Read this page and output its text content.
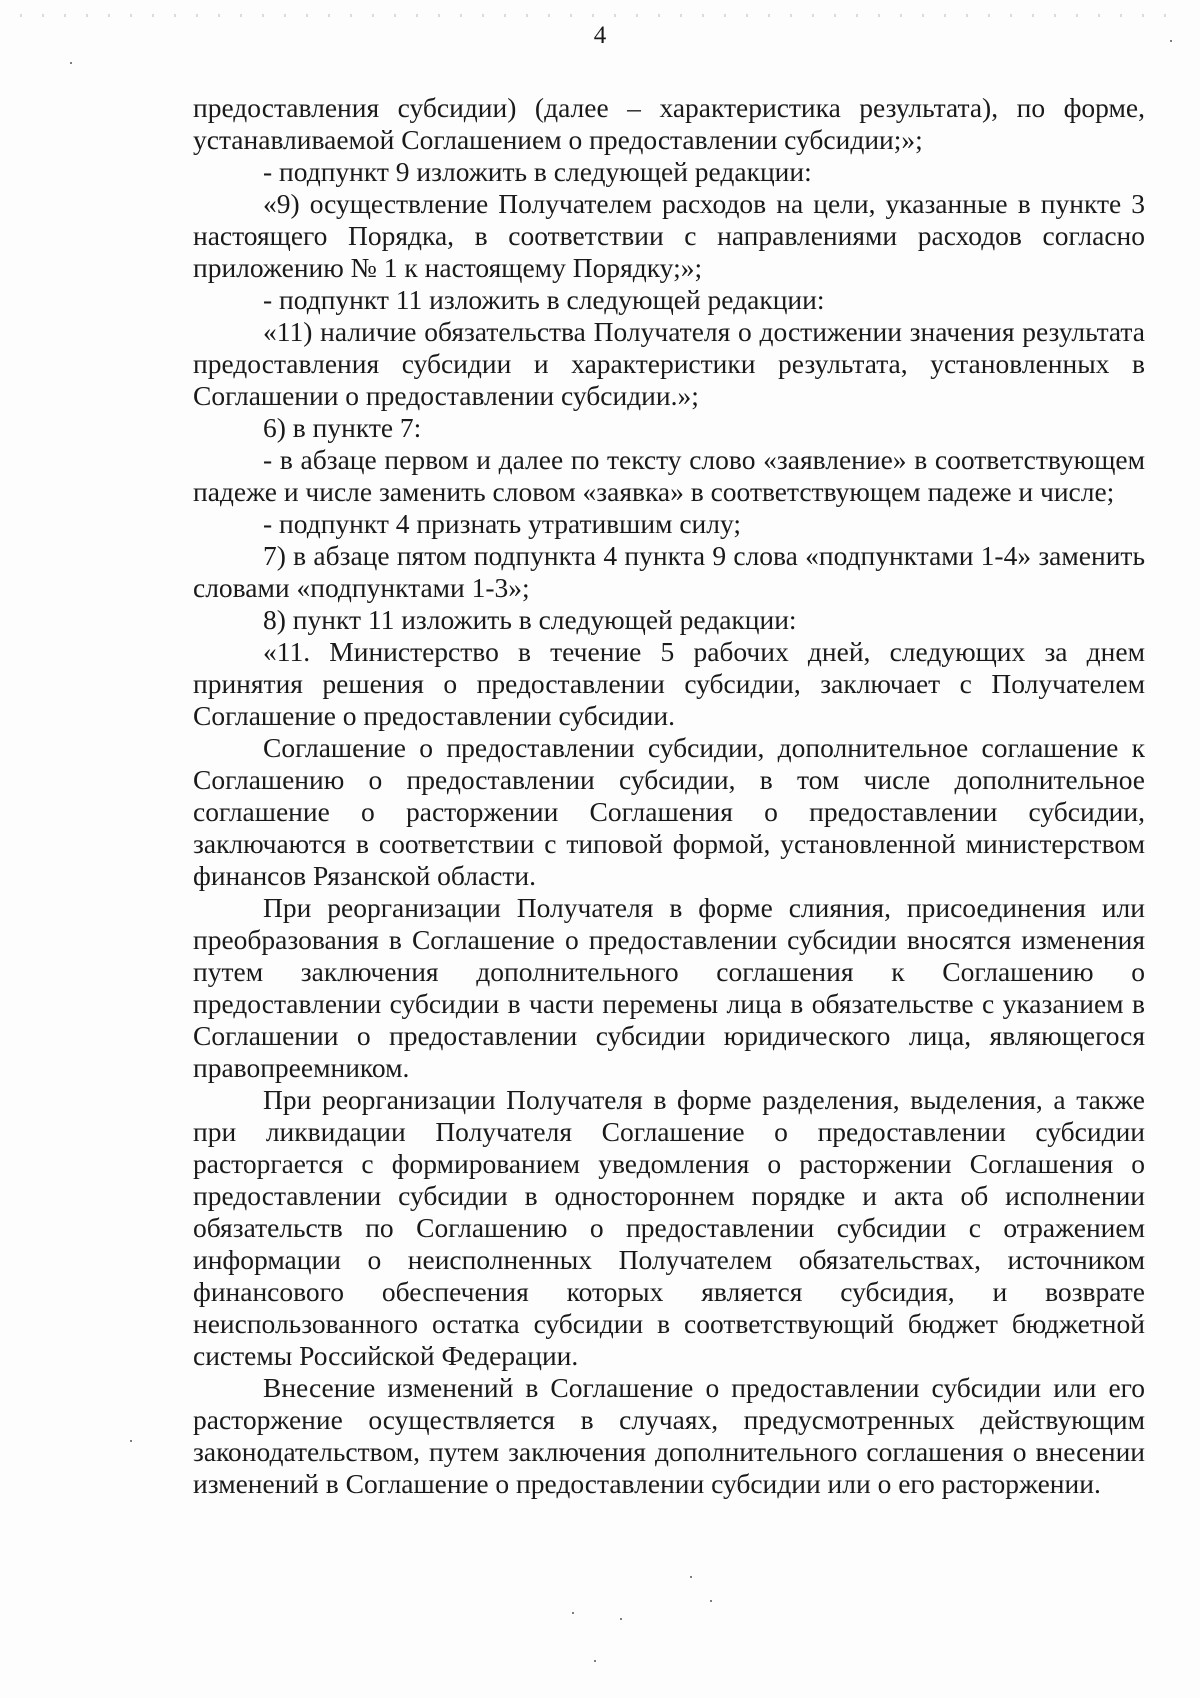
4

предоставления субсидии) (далее – характеристика результата), по форме, устанавливаемой Соглашением о предоставлении субсидии;»;

- подпункт 9 изложить в следующей редакции:

«9) осуществление Получателем расходов на цели, указанные в пункте 3 настоящего Порядка, в соответствии с направлениями расходов согласно приложению № 1 к настоящему Порядку;»;

- подпункт 11 изложить в следующей редакции:

«11) наличие обязательства Получателя о достижении значения результата предоставления субсидии и характеристики результата, установленных в Соглашении о предоставлении субсидии.»;

6) в пункте 7:

- в абзаце первом и далее по тексту слово «заявление» в соответствующем падеже и числе заменить словом «заявка» в соответствующем падеже и числе;

- подпункт 4 признать утратившим силу;

7) в абзаце пятом подпункта 4 пункта 9 слова «подпунктами 1-4» заменить словами «подпунктами 1-3»;

8) пункт 11 изложить в следующей редакции:

«11. Министерство в течение 5 рабочих дней, следующих за днем принятия решения о предоставлении субсидии, заключает с Получателем Соглашение о предоставлении субсидии.

Соглашение о предоставлении субсидии, дополнительное соглашение к Соглашению о предоставлении субсидии, в том числе дополнительное соглашение о расторжении Соглашения о предоставлении субсидии, заключаются в соответствии с типовой формой, установленной министерством финансов Рязанской области.

При реорганизации Получателя в форме слияния, присоединения или преобразования в Соглашение о предоставлении субсидии вносятся изменения путем заключения дополнительного соглашения к Соглашению о предоставлении субсидии в части перемены лица в обязательстве с указанием в Соглашении о предоставлении субсидии юридического лица, являющегося правопреемником.

При реорганизации Получателя в форме разделения, выделения, а также при ликвидации Получателя Соглашение о предоставлении субсидии расторгается с формированием уведомления о расторжении Соглашения о предоставлении субсидии в одностороннем порядке и акта об исполнении обязательств по Соглашению о предоставлении субсидии с отражением информации о неисполненных Получателем обязательствах, источником финансового обеспечения которых является субсидия, и возврате неиспользованного остатка субсидии в соответствующий бюджет бюджетной системы Российской Федерации.

Внесение изменений в Соглашение о предоставлении субсидии или его расторжение осуществляется в случаях, предусмотренных действующим законодательством, путем заключения дополнительного соглашения о внесении изменений в Соглашение о предоставлении субсидии или о его расторжении.
